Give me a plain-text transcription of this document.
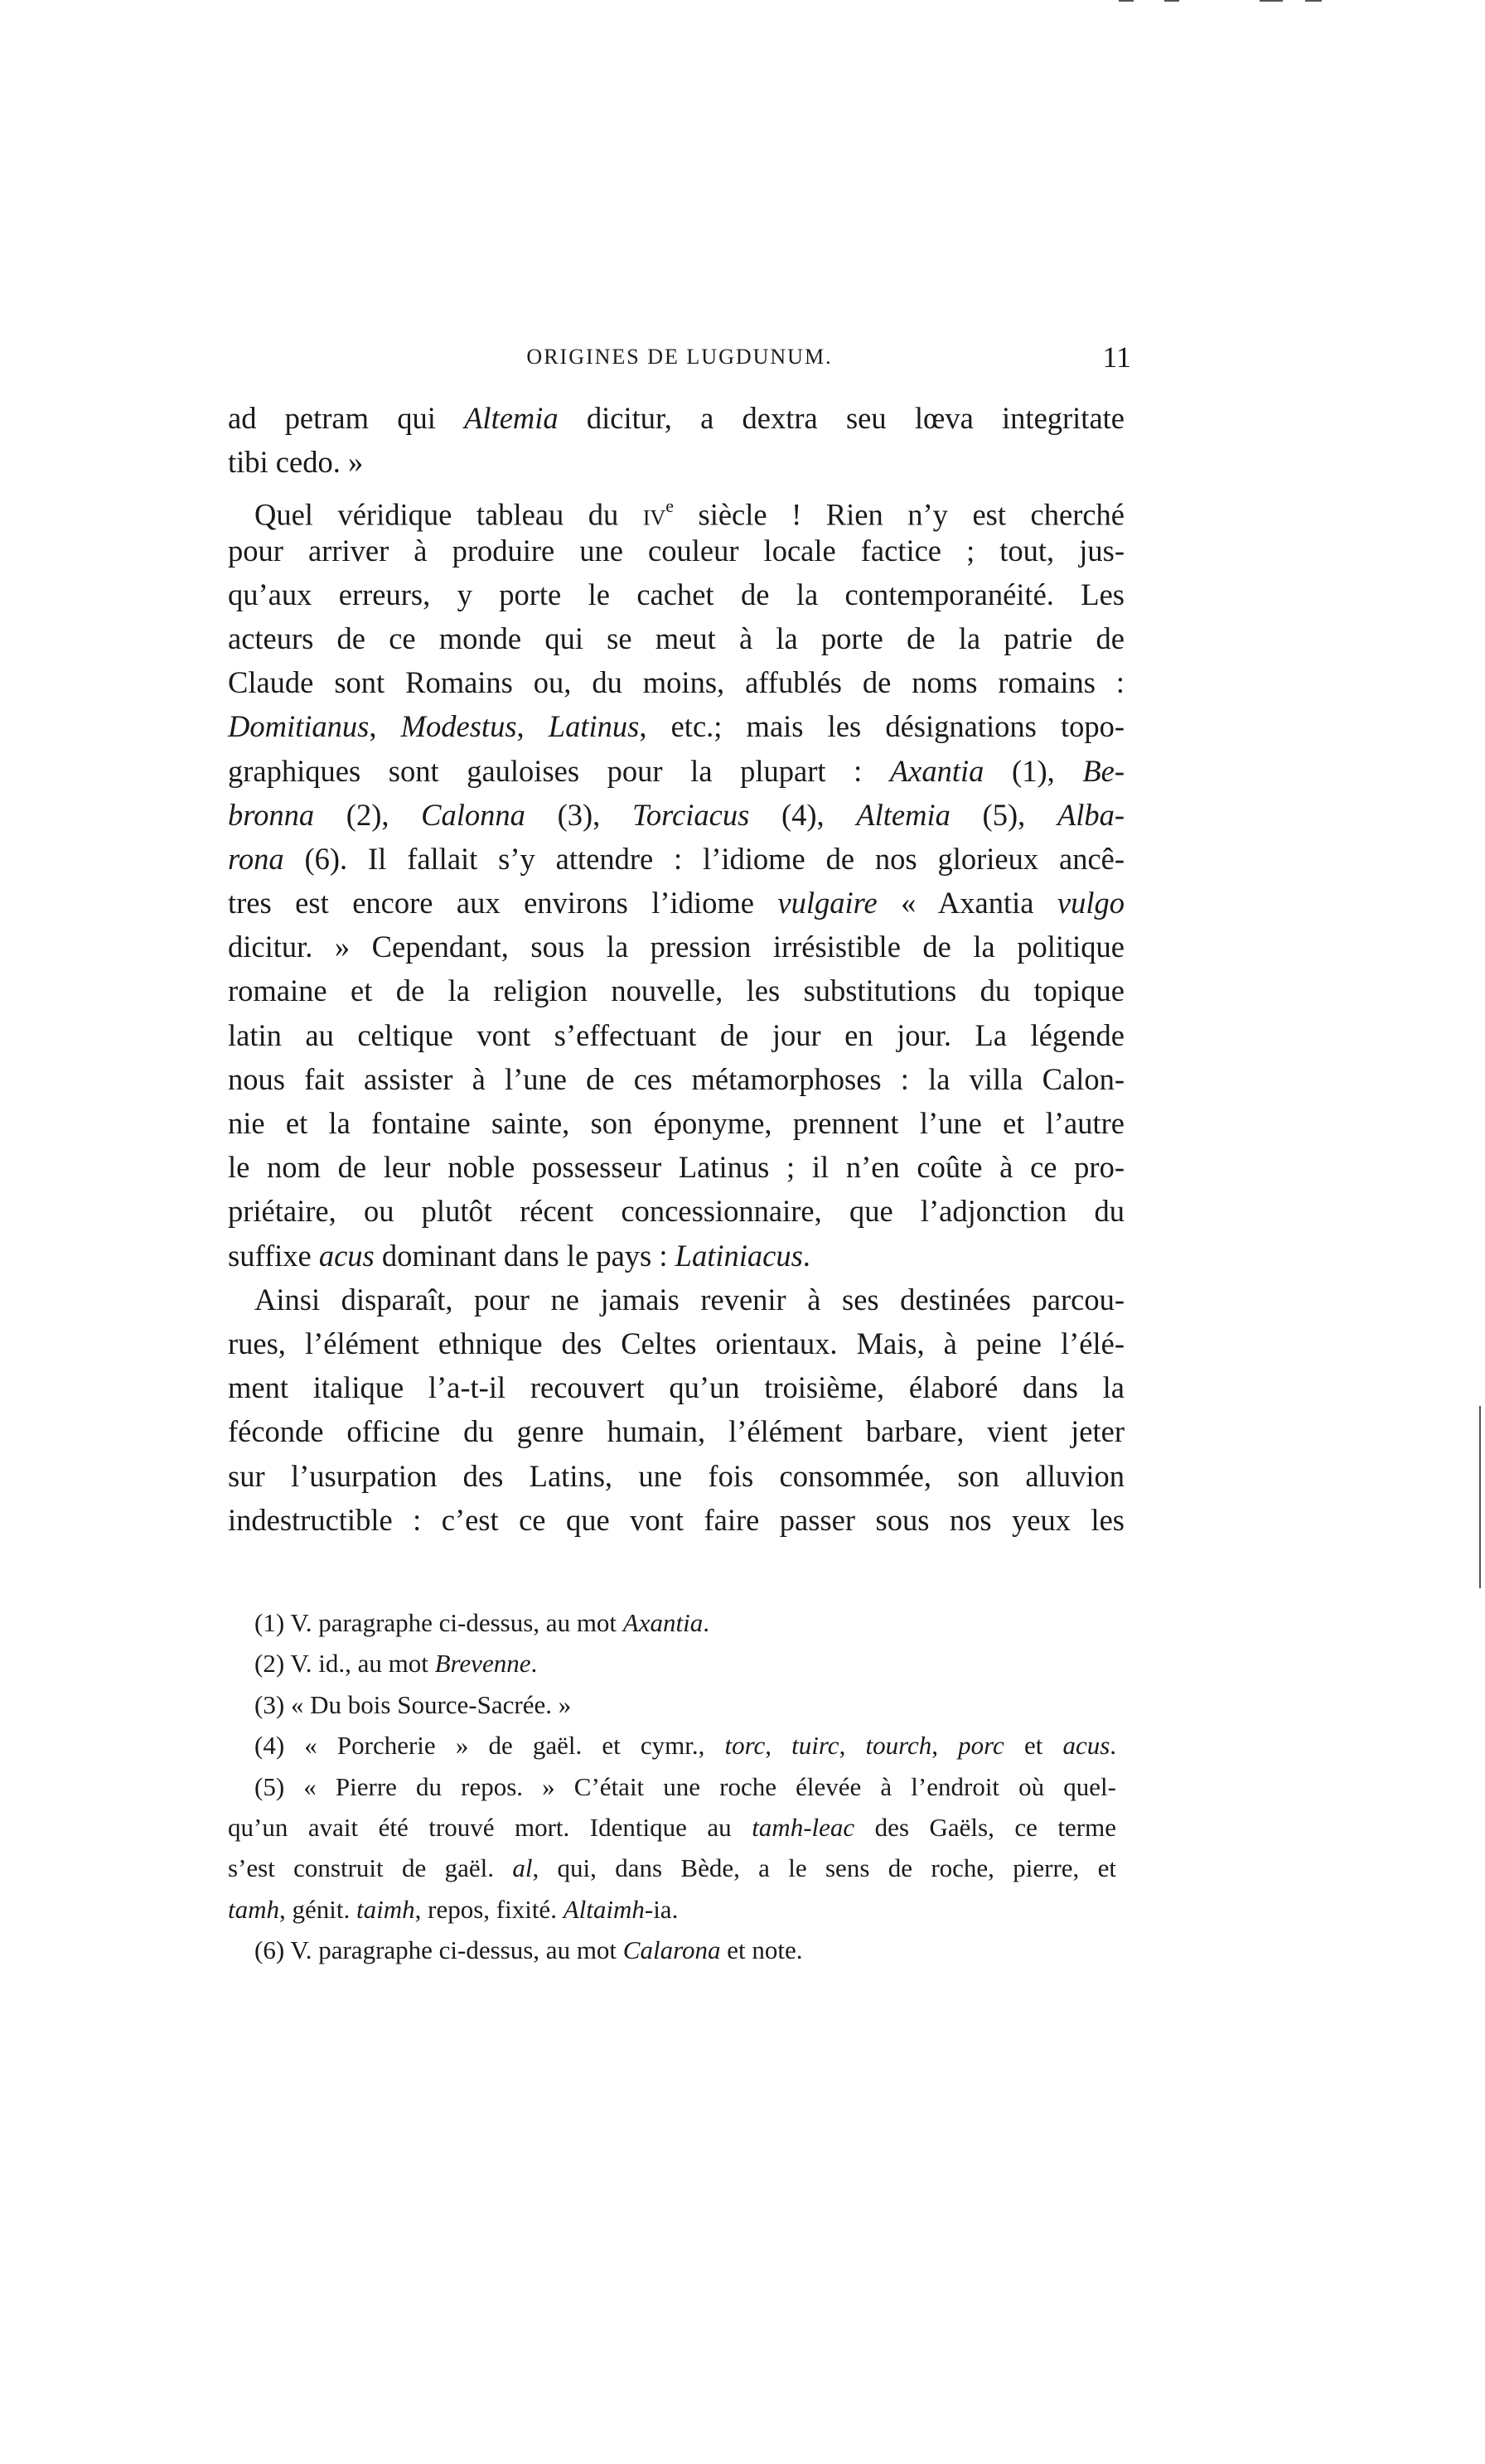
ORIGINES DE LUGDUNUM.	11
ad petram qui Altemia dicitur, a dextra seu lœva integritate
tibi cedo. »
Quel véridique tableau du $iv^e$ siècle ! Rien n’y est cherché
pour arriver à produire une couleur locale factice ; tout, jus-
qu’aux erreurs, y porte le cachet de la contemporanéité. Les
acteurs de ce monde qui se meut à la porte de la patrie de
Claude sont Romains ou, du moins, affublés de noms romains :
Domitianus, Modestus, Latinus, etc.; mais les désignations topo-
graphiques sont gauloises pour la plupart : Axantia (1), Be-
bronna (2), Calonna (3), Torciacus (4), Altemia (5), Alba-
rona (6). Il fallait s’y attendre : l’idiome de nos glorieux ancê-
tres est encore aux environs l’idiome vulgaire « Axantia vulgo
dicitur. » Cependant, sous la pression irrésistible de la politique
romaine et de la religion nouvelle, les substitutions du topique
latin au celtique vont s’effectuant de jour en jour. La légende
nous fait assister à l’une de ces métamorphoses : la villa Calon-
nie et la fontaine sainte, son éponyme, prennent l’une et l’autre
le nom de leur noble possesseur Latinus ; il n’en coûte à ce pro-
priétaire, ou plutôt récent concessionnaire, que l’adjonction du
suffixe acus dominant dans le pays : Latiniacus.
Ainsi disparaît, pour ne jamais revenir à ses destinées parcou-
rues, l’élément ethnique des Celtes orientaux. Mais, à peine l’élé-
ment italique l’a-t-il recouvert qu’un troisième, élaboré dans la
féconde officine du genre humain, l’élément barbare, vient jeter
sur l’usurpation des Latins, une fois consommée, son alluvion
indestructible : c’est ce que vont faire passer sous nos yeux les
(1) V. paragraphe ci-dessus, au mot Axantia.
(2) V. id., au mot Brevenne.
(3) « Du bois Source-Sacrée. »
(4) « Porcherie » de gaël. et cymr., torc, tuirc, tourch, porc et acus.
(5) « Pierre du repos. » C’était une roche élevée à l’endroit où quel-
qu’un avait été trouvé mort. Identique au tamh-leac des Gaëls, ce terme
s’est construit de gaël. al, qui, dans Bède, a le sens de roche, pierre, et
tamh, génit. taimh, repos, fixité. Altaimh-ia.
(6) V. paragraphe ci-dessus, au mot Calarona et note.
